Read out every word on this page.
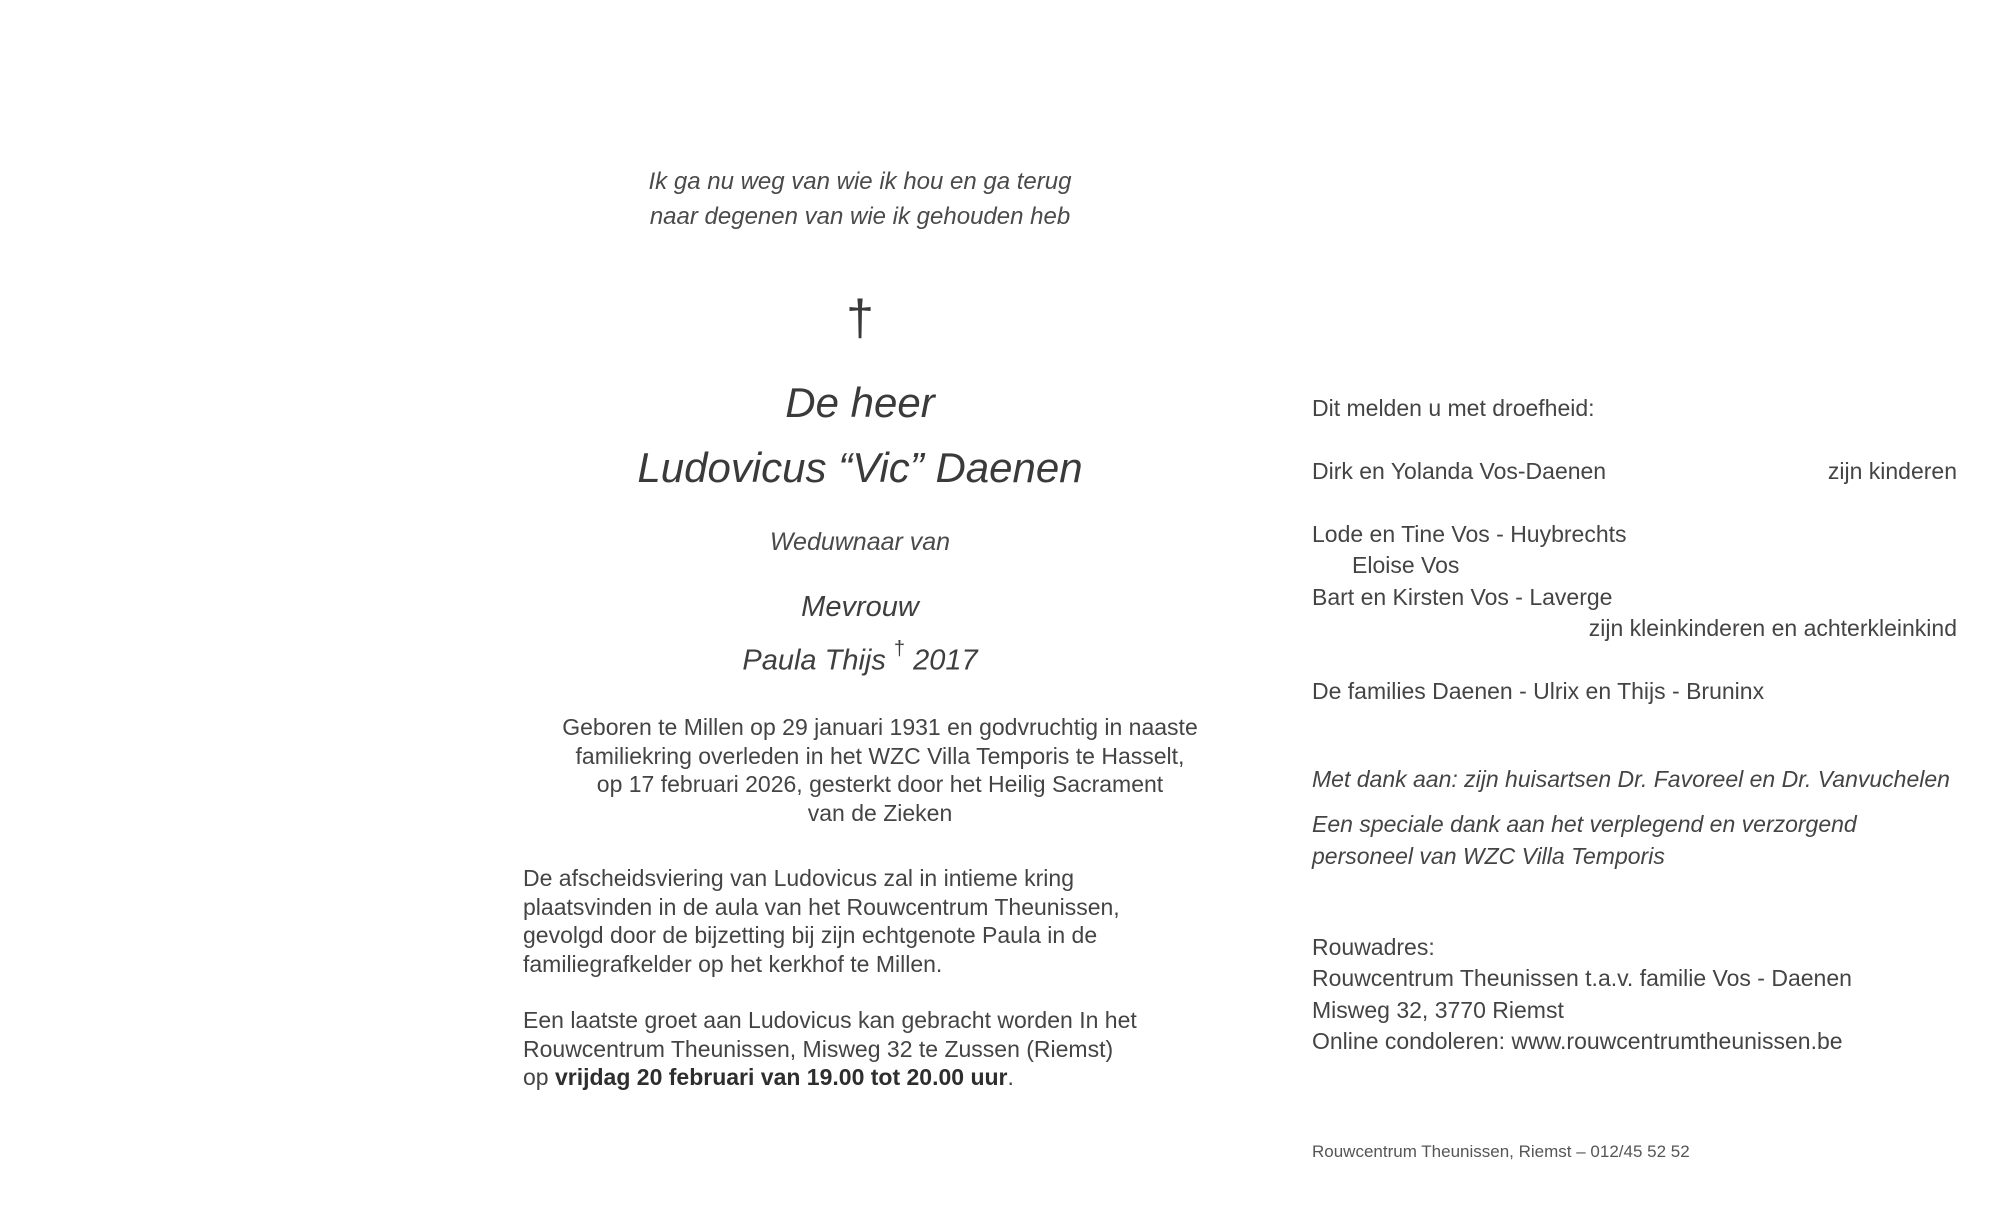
Ik ga nu weg van wie ik hou en ga terug
naar degenen van wie ik gehouden heb
†
De heer
Ludovicus “Vic” Daenen
Weduwnaar van
Mevrouw
Paula Thijs † 2017
Geboren te Millen op 29 januari 1931 en godvruchtig in naaste
familiekring overleden in het WZC Villa Temporis te Hasselt,
op 17 februari 2026, gesterkt door het Heilig Sacrament
van de Zieken
De afscheidsviering van Ludovicus zal in intieme kring
plaatsvinden in de aula van het Rouwcentrum Theunissen,
gevolgd door de bijzetting bij zijn echtgenote Paula in de
familiegrafkelder op het kerkhof te Millen.
Een laatste groet aan Ludovicus kan gebracht worden In het
Rouwcentrum Theunissen, Misweg 32 te Zussen (Riemst)
op vrijdag 20 februari van 19.00 tot 20.00 uur.
Dit melden u met droefheid:
Dirk en Yolanda Vos-Daenen	zijn kinderen
Lode en Tine Vos - Huybrechts
Eloise Vos
Bart en Kirsten Vos - Laverge
zijn kleinkinderen en achterkleinkind
De families Daenen - Ulrix en Thijs - Bruninx
Met dank aan: zijn huisartsen Dr. Favoreel en Dr. Vanvuchelen
Een speciale dank aan het verplegend en verzorgend
personeel van WZC Villa Temporis
Rouwadres:
Rouwcentrum Theunissen t.a.v. familie Vos - Daenen
Misweg 32, 3770 Riemst
Online condoleren: www.rouwcentrumtheunissen.be
Rouwcentrum Theunissen, Riemst – 012/45 52 52
